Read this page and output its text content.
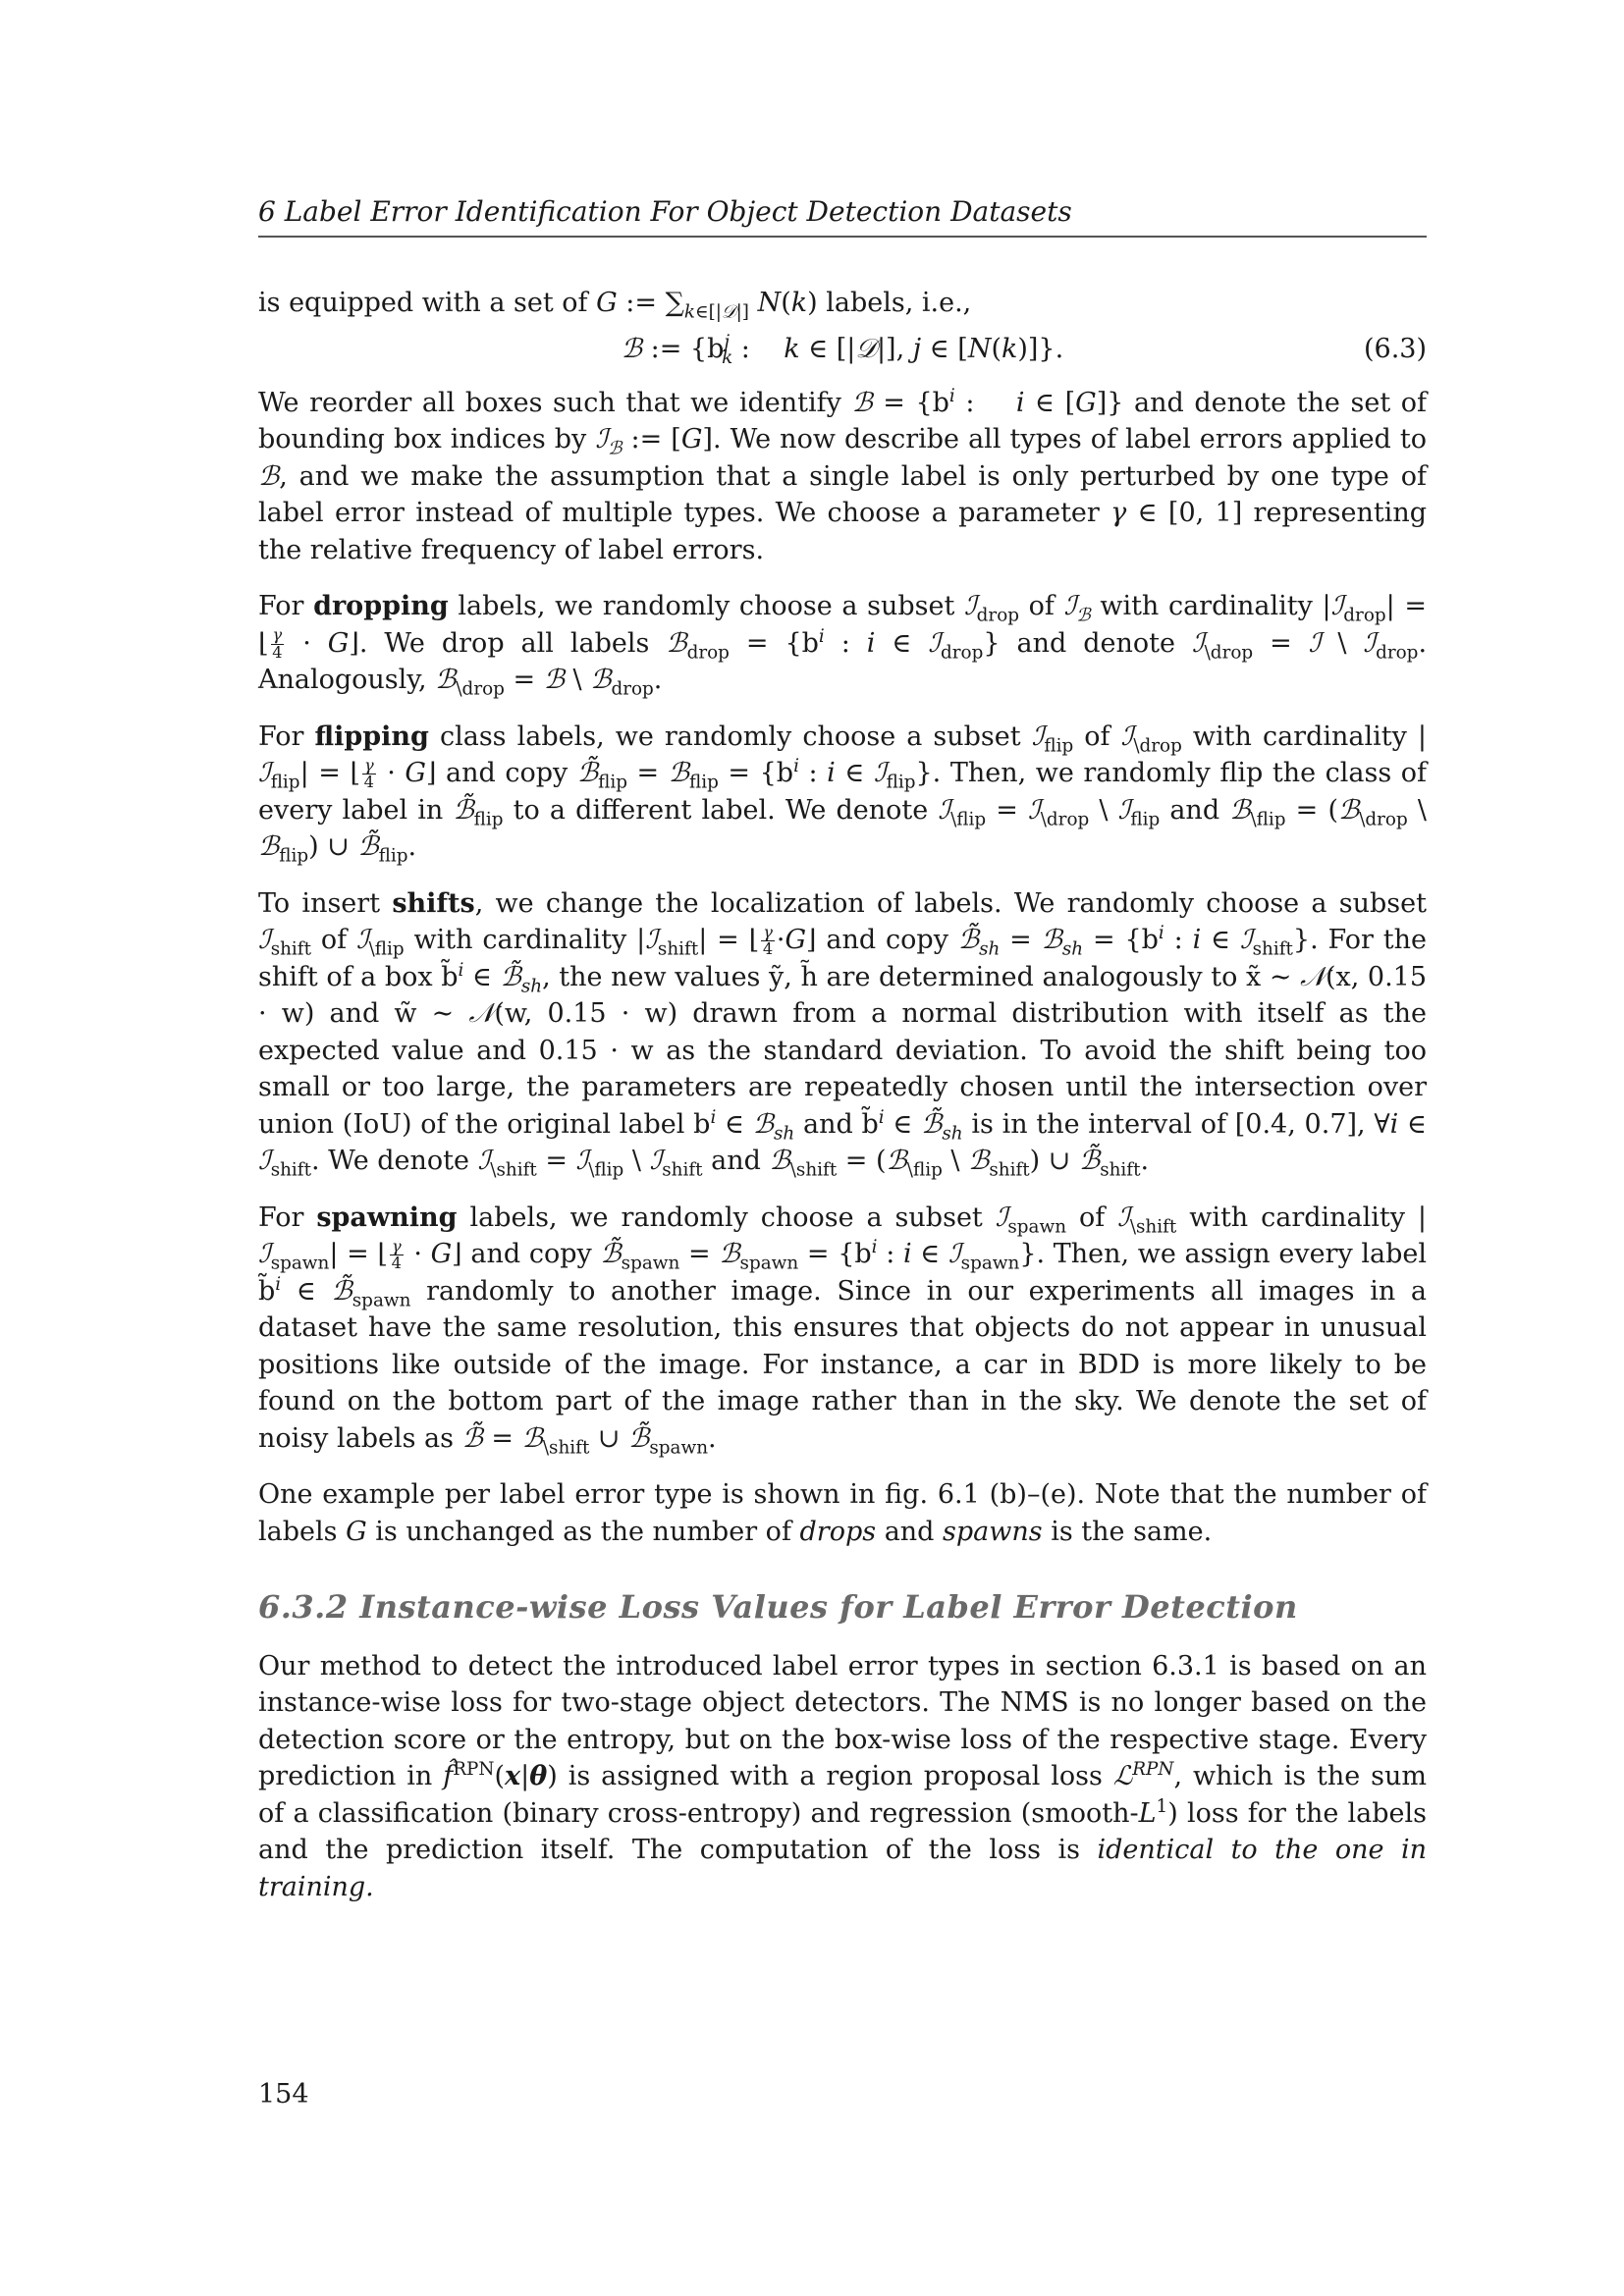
6 Label Error Identification For Object Detection Datasets

is equipped with a set of G := $\sum_{k\in[|𝒟|]}$ N(k) labels, i.e.,

ℬ := {$b^j_k$ :    k ∈ [|𝒟|], j ∈ [N(k)]}.	(6.3)

We reorder all boxes such that we identify ℬ = {$b^i$ :    i ∈ [G]} and denote the set of bounding box indices by ℐ$_ℬ$ := [G]. We now describe all types of label errors applied to ℬ, and we make the assumption that a single label is only perturbed by one type of label error instead of multiple types. We choose a parameter γ ∈ [0, 1] representing the relative frequency of label errors.

For dropping labels, we randomly choose a subset ℐ$_{drop}$ of ℐ$_ℬ$ with cardinality |ℐ$_{drop}$| = ⌊ $\frac{\gamma}{4}$ · G⌋. We drop all labels ℬ$_{drop}$ = {$b^i$ : i ∈ ℐ$_{drop}$} and denote ℐ$_{\backslash drop}$ = ℐ \ ℐ$_{drop}$. Analogously, ℬ$_{\backslash drop}$ = ℬ \ ℬ$_{drop}$.

For flipping class labels, we randomly choose a subset ℐ$_{flip}$ of ℐ$_{\backslash drop}$ with cardinality |ℐ$_{flip}$| = ⌊ $\frac{\gamma}{4}$ · G⌋ and copy $ℬ̃_{flip}$ = ℬ$_{flip}$ = {$b^i$ : i ∈ ℐ$_{flip}$}. Then, we randomly flip the class of every label in $ℬ̃_{flip}$ to a different label. We denote ℐ$_{\backslash flip}$ = ℐ$_{\backslash drop}$ \ ℐ$_{flip}$ and ℬ$_{\backslash flip}$ = (ℬ$_{\backslash drop}$ \ ℬ$_{flip}$) ∪ $ℬ̃_{flip}$.

To insert shifts, we change the localization of labels. We randomly choose a subset ℐ$_{shift}$ of ℐ$_{\backslash flip}$ with cardinality |ℐ$_{shift}$| = ⌊ $\frac{\gamma}{4}$ ·G⌋ and copy $ℬ̃_{sh}$ = ℬ$_{sh}$ = {$b^i$ : i ∈ ℐ$_{shift}$}. For the shift of a box b̃$^i$ ∈ $ℬ̃_{sh}$, the new values ỹ, h̃ are determined analogously to x̃ ∼ 𝒩(x, 0.15 · w) and w̃ ∼ 𝒩(w, 0.15 · w) drawn from a normal distribution with itself as the expected value and 0.15 · w as the standard deviation. To avoid the shift being too small or too large, the parameters are repeatedly chosen until the intersection over union (IoU) of the original label $b^i$ ∈ ℬ$_{sh}$ and b̃$^i$ ∈ $ℬ̃_{sh}$ is in the interval of [0.4, 0.7], ∀i ∈ ℐ$_{shift}$. We denote ℐ$_{\backslash shift}$ = ℐ$_{\backslash flip}$ \ ℐ$_{shift}$ and ℬ$_{\backslash shift}$ = (ℬ$_{\backslash flip}$ \ ℬ$_{shift}$) ∪ $ℬ̃_{shift}$.

For spawning labels, we randomly choose a subset ℐ$_{spawn}$ of ℐ$_{\backslash shift}$ with cardinality |ℐ$_{spawn}$| = ⌊ $\frac{\gamma}{4}$ · G⌋ and copy $ℬ̃_{spawn}$ = ℬ$_{spawn}$ = {$b^i$ : i ∈ ℐ$_{spawn}$}. Then, we assign every label b̃$^i$ ∈ $ℬ̃_{spawn}$ randomly to another image. Since in our experiments all images in a dataset have the same resolution, this ensures that objects do not appear in unusual positions like outside of the image. For instance, a car in BDD is more likely to be found on the bottom part of the image rather than in the sky. We denote the set of noisy labels as ℬ̃ = ℬ$_{\backslash shift}$ ∪ $ℬ̃_{spawn}$.

One example per label error type is shown in fig. 6.1 (b)–(e). Note that the number of labels G is unchanged as the number of drops and spawns is the same.

6.3.2 Instance-wise Loss Values for Label Error Detection

Our method to detect the introduced label error types in section 6.3.1 is based on an instance-wise loss for two-stage object detectors. The NMS is no longer based on the detection score or the entropy, but on the box-wise loss of the respective stage. Every prediction in f̂$^{RPN}$(x|θ) is assigned with a region proposal loss ℒ$^{RPN}$, which is the sum of a classification (binary cross-entropy) and regression $(smooth-L^1)$ loss for the labels and the prediction itself. The computation of the loss is identical to the one in training.

154
